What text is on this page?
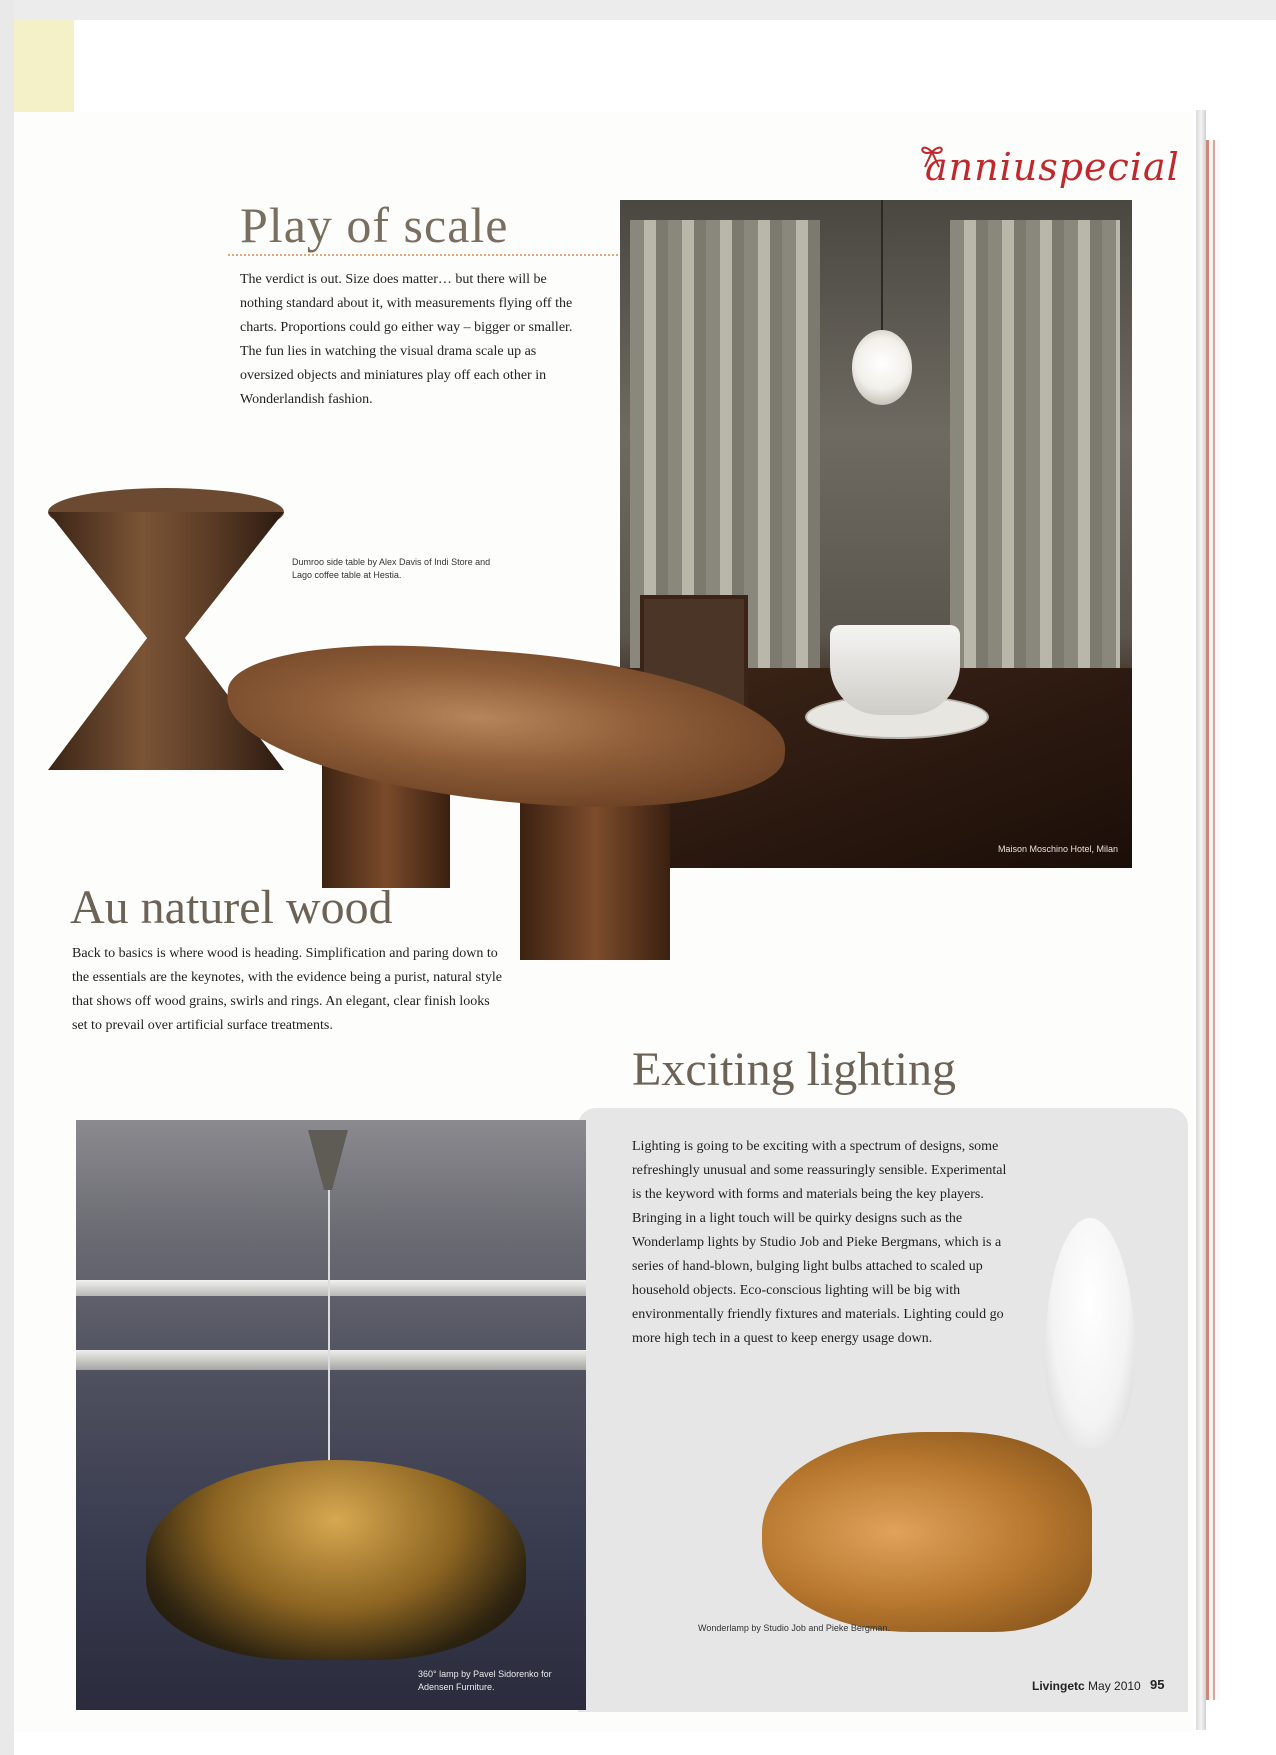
anniuspecial
Play of scale
The verdict is out. Size does matter… but there will be nothing standard about it, with measurements flying off the charts. Proportions could go either way – bigger or smaller. The fun lies in watching the visual drama scale up as oversized objects and miniatures play off each other in Wonderlandish fashion.
Maison Moschino Hotel, Milan
Dumroo side table by Alex Davis of Indi Store and Lago coffee table at Hestia.
Au naturel wood
Back to basics is where wood is heading. Simplification and paring down to the essentials are the keynotes, with the evidence being a purist, natural style that shows off wood grains, swirls and rings. An elegant, clear finish looks set to prevail over artificial surface treatments.
Exciting lighting
Lighting is going to be exciting with a spectrum of designs, some refreshingly unusual and some reassuringly sensible. Experimental is the keyword with forms and materials being the key players. Bringing in a light touch will be quirky designs such as the Wonderlamp lights by Studio Job and Pieke Bergmans, which is a series of hand-blown, bulging light bulbs attached to scaled up household objects. Eco-conscious lighting will be big with environmentally friendly fixtures and materials. Lighting could go more high tech in a quest to keep energy usage down.
360° lamp by Pavel Sidorenko for Adensen Furniture.
Wonderlamp by Studio Job and Pieke Bergman.
Livingetc May 2010 95
